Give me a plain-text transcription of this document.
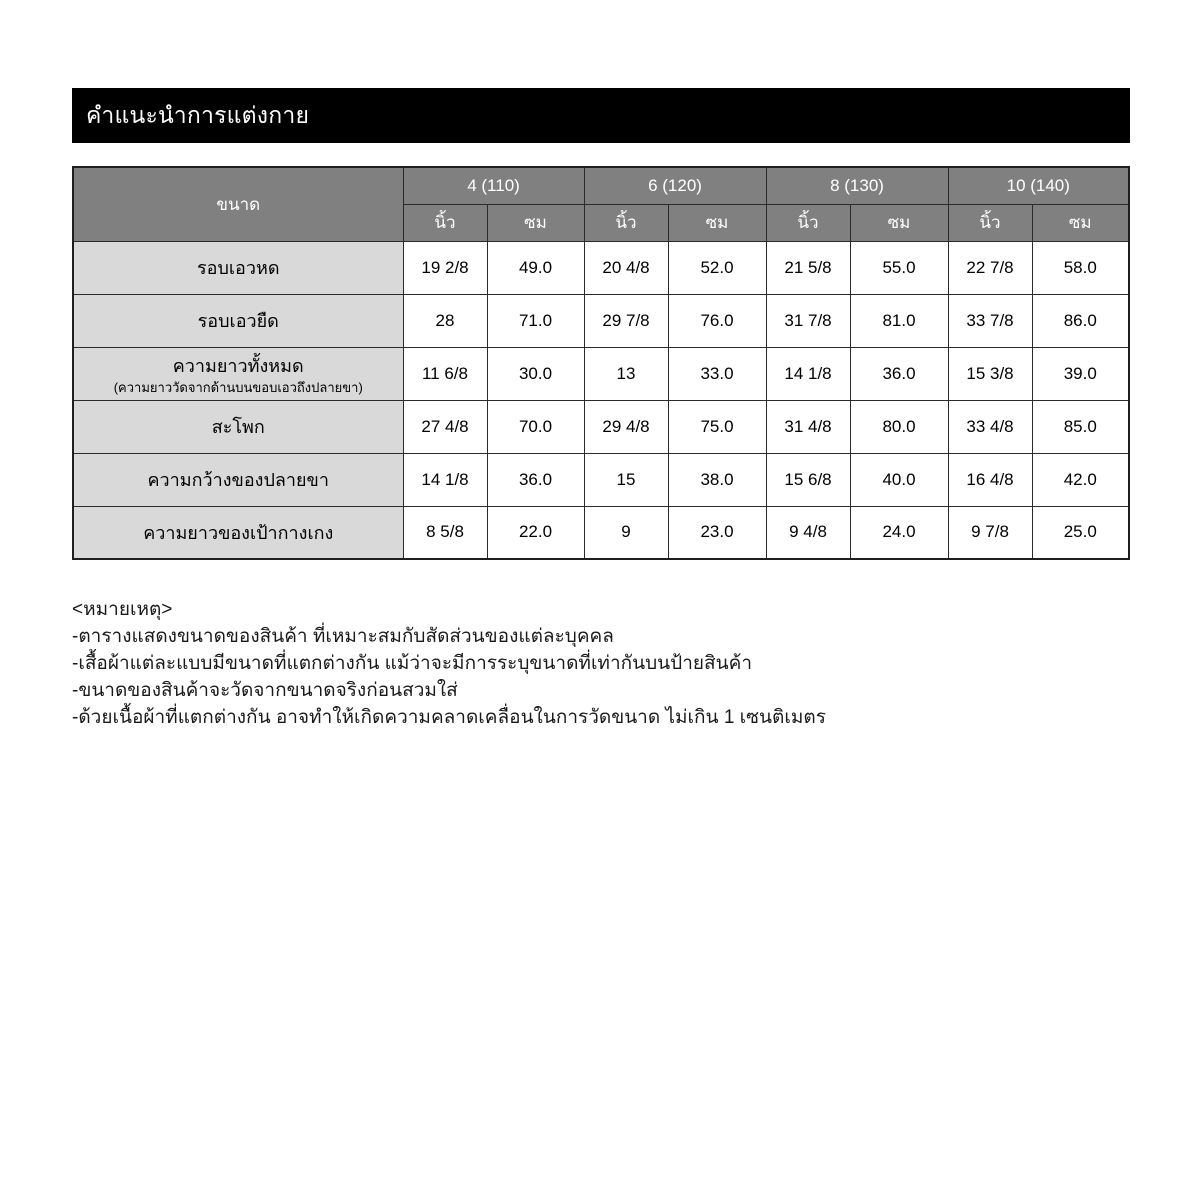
คำแนะนำการแต่งกาย
ขนาด	4 (110)		6 (120)		8 (130)		10 (140)	
	นิ้ว	ซม	นิ้ว	ซม	นิ้ว	ซม	นิ้ว	ซม
รอบเอวหด	19 2/8	49.0	20 4/8	52.0	21 5/8	55.0	22 7/8	58.0
รอบเอวยืด	28	71.0	29 7/8	76.0	31 7/8	81.0	33 7/8	86.0

ความยาวทั้งหมด
(ความยาววัดจากด้านบนขอบเอวถึงปลายขา)	11 6/8	30.0	13	33.0	14 1/8	36.0	15 3/8	39.0
สะโพก	27 4/8	70.0	29 4/8	75.0	31 4/8	80.0	33 4/8	85.0
ความกว้างของปลายขา	14 1/8	36.0	15	38.0	15 6/8	40.0	16 4/8	42.0
ความยาวของเป้ากางเกง	8 5/8	22.0	9	23.0	9 4/8	24.0	9 7/8	25.0
<หมายเหตุ>
-ตารางแสดงขนาดของสินค้า ที่เหมาะสมกับสัดส่วนของแต่ละบุคคล
-เสื้อผ้าแต่ละแบบมีขนาดที่แตกต่างกัน แม้ว่าจะมีการระบุขนาดที่เท่ากันบนป้ายสินค้า
-ขนาดของสินค้าจะวัดจากขนาดจริงก่อนสวมใส่
-ด้วยเนื้อผ้าที่แตกต่างกัน อาจทำให้เกิดความคลาดเคลื่อนในการวัดขนาด ไม่เกิน 1 เซนติเมตร
